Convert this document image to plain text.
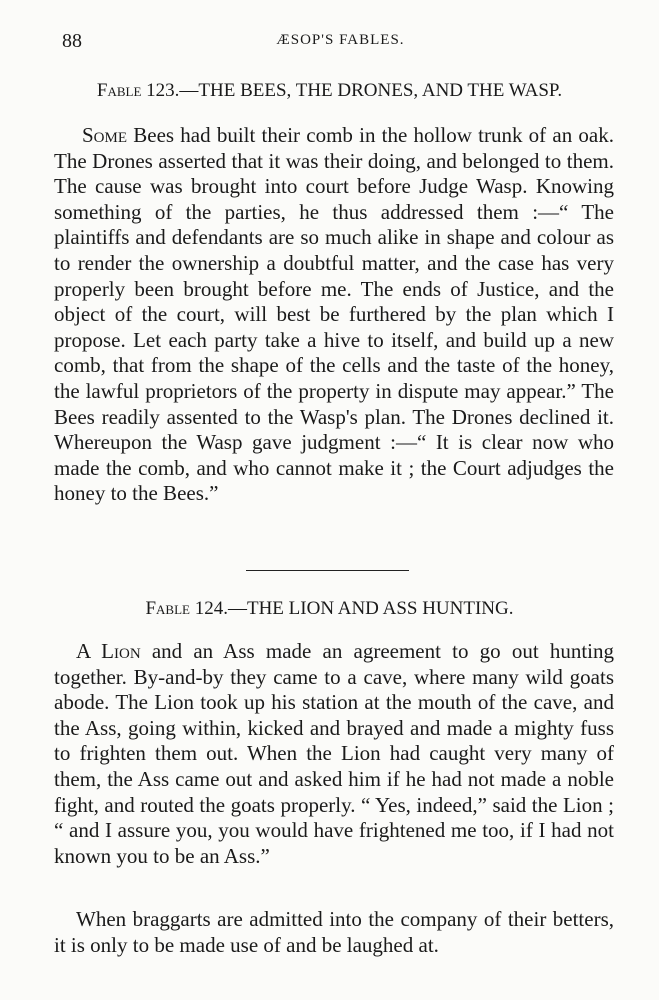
88	ÆSOP'S FABLES.
Fable 123.—THE BEES, THE DRONES, AND THE WASP.

Some Bees had built their comb in the hollow trunk of an oak. The Drones asserted that it was their doing, and belonged to them. The cause was brought into court before Judge Wasp. Knowing something of the parties, he thus addressed them :—“ The plaintiffs and defendants are so much alike in shape and colour as to render the ownership a doubtful matter, and the case has very properly been brought before me. The ends of Justice, and the object of the court, will best be furthered by the plan which I propose. Let each party take a hive to itself, and build up a new comb, that from the shape of the cells and the taste of the honey, the lawful proprietors of the property in dispute may appear.” The Bees readily assented to the Wasp's plan. The Drones declined it. Whereupon the Wasp gave judgment :—“ It is clear now who made the comb, and who cannot make it ; the Court adjudges the honey to the Bees.”

Fable 124.—THE LION AND ASS HUNTING.

A Lion and an Ass made an agreement to go out hunting together. By-and-by they came to a cave, where many wild goats abode. The Lion took up his station at the mouth of the cave, and the Ass, going within, kicked and brayed and made a mighty fuss to frighten them out. When the Lion had caught very many of them, the Ass came out and asked him if he had not made a noble fight, and routed the goats properly. “ Yes, indeed,” said the Lion ; “ and I assure you, you would have frightened me too, if I had not known you to be an Ass.”

When braggarts are admitted into the company of their betters, it is only to be made use of and be laughed at.
